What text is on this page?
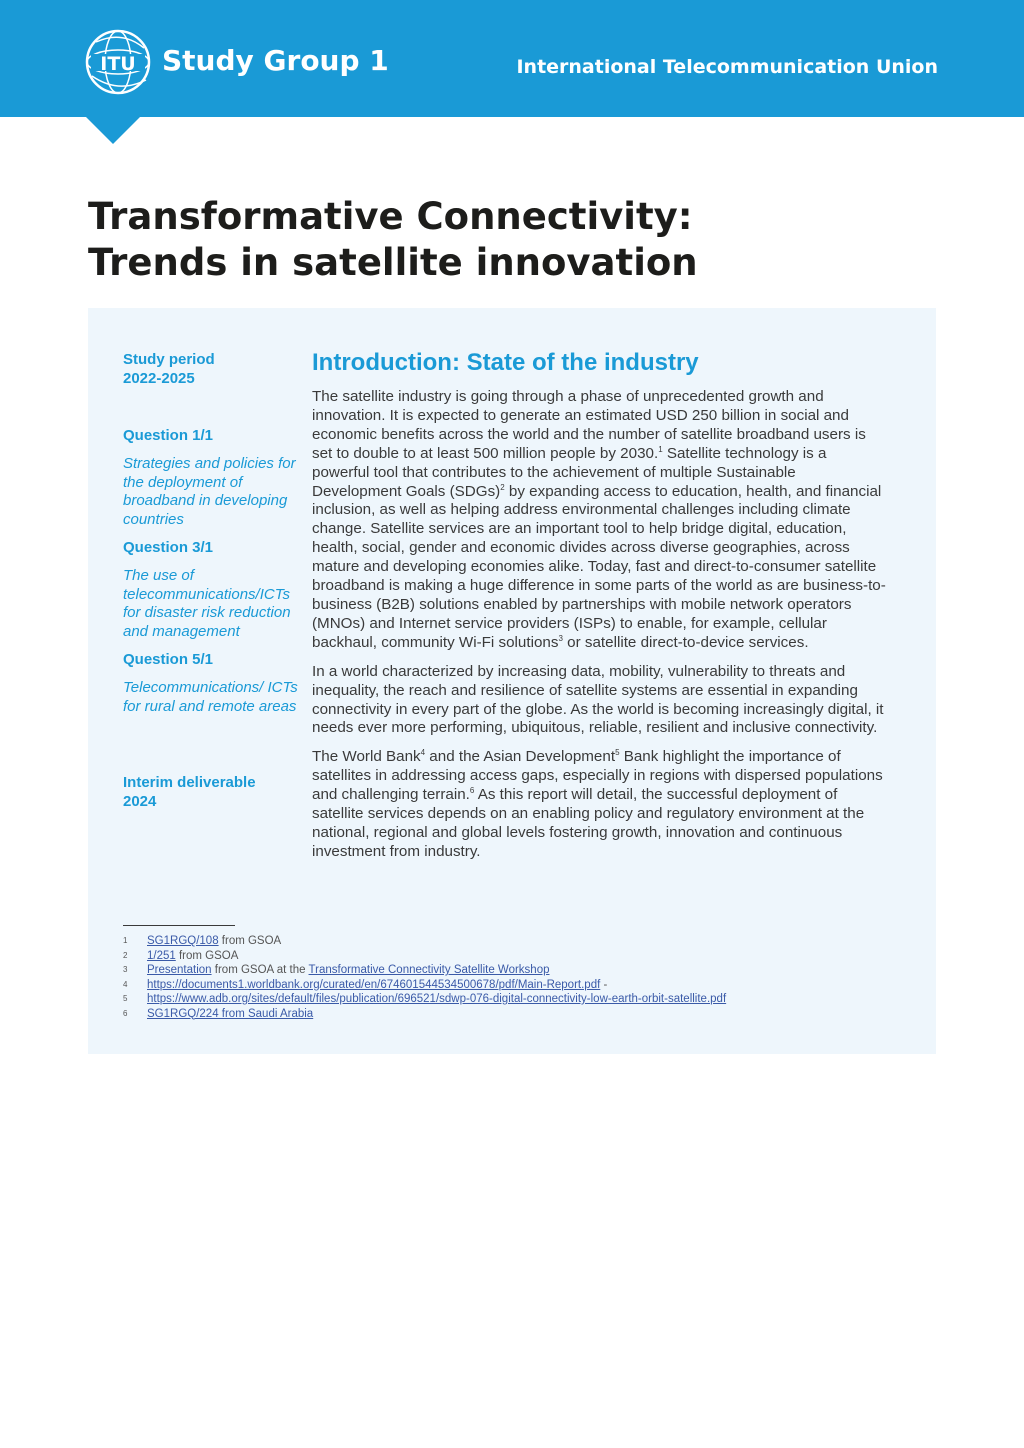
ITU Study Group 1	International Telecommunication Union
Transformative Connectivity:
Trends in satellite innovation
Study period
2022-2025
Question 1/1
Strategies and policies for the deployment of broadband in developing countries
Question 3/1
The use of telecommunications/ICTs for disaster risk reduction and management
Question 5/1
Telecommunications/ ICTs for rural and remote areas
Interim deliverable
2024
Introduction: State of the industry

The satellite industry is going through a phase of unprecedented growth and innovation. It is expected to generate an estimated USD 250 billion in social and economic benefits across the world and the number of satellite broadband users is set to double to at least 500 million people by 2030.$^1$ Satellite technology is a powerful tool that contributes to the achievement of multiple Sustainable Development Goals (SDGs)$^2$ by expanding access to education, health, and financial inclusion, as well as helping address environmental challenges including climate change. Satellite services are an important tool to help bridge digital, education, health, social, gender and economic divides across diverse geographies, across mature and developing economies alike. Today, fast and direct-to-consumer satellite broadband is making a huge difference in some parts of the world as are business-to-business (B2B) solutions enabled by partnerships with mobile network operators (MNOs) and Internet service providers (ISPs) to enable, for example, cellular backhaul, community Wi-Fi solutions$^3$ or satellite direct-to-device services.

In a world characterized by increasing data, mobility, vulnerability to threats and inequality, the reach and resilience of satellite systems are essential in expanding connectivity in every part of the globe. As the world is becoming increasingly digital, it needs ever more performing, ubiquitous, reliable, resilient and inclusive connectivity.

The World Bank$^4$ and the Asian Development$^5$ Bank highlight the importance of satellites in addressing access gaps, especially in regions with dispersed populations and challenging terrain.$^6$ As this report will detail, the successful deployment of satellite services depends on an enabling policy and regulatory environment at the national, regional and global levels fostering growth, innovation and continuous investment from industry.

1	SG1RGQ/108 from GSOA
2	1/251 from GSOA
3	Presentation from GSOA at the Transformative Connectivity Satellite Workshop
4	https://documents1.worldbank.org/curated/en/674601544534500678/pdf/Main-Report.pdf -
5	https://www.adb.org/sites/default/files/publication/696521/sdwp-076-digital-connectivity-low-earth-orbit-satellite.pdf
6	SG1RGQ/224 from Saudi Arabia
